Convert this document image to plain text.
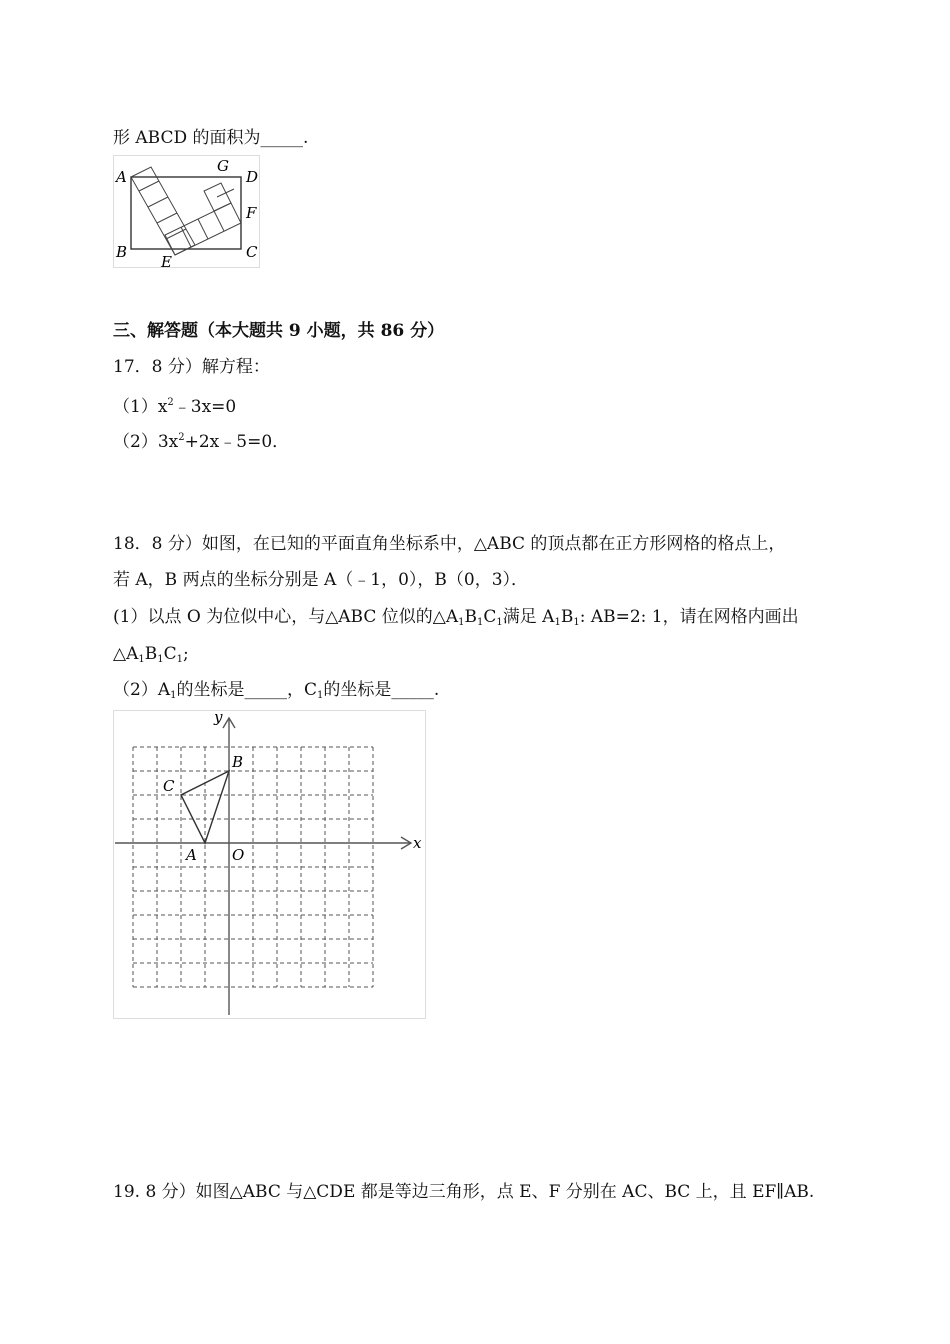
形 ABCD 的面积为_____.
A
G
D
F
B
E
C
三、解答题（本大题共 9 小题，共 86 分）
17．8 分）解方程：
$(1)x^2﹣3x=0$
$(2)3x^2+2x﹣5=0$．
18．8 分）如图，在已知的平面直角坐标系中，△ABC 的顶点都在正方形网格的格点上，
若 A，B 两点的坐标分别是 A（﹣1，0），B（0，3）．
(1）以点 O 为位似中心，与△ABC 位似的$\triangle A_1B_1C_1$满足 $A_1B_1$: AB=2: 1，请在网格内画出
$\triangle A_1B_1C_1$;
$(2)A_1$的坐标是_____，$C_1$的坐标是_____.
y
x
B
C
A O
19. 8 分）如图△ABC 与△CDE 都是等边三角形，点 E、F 分别在 AC、BC 上，且 EF∥AB.
